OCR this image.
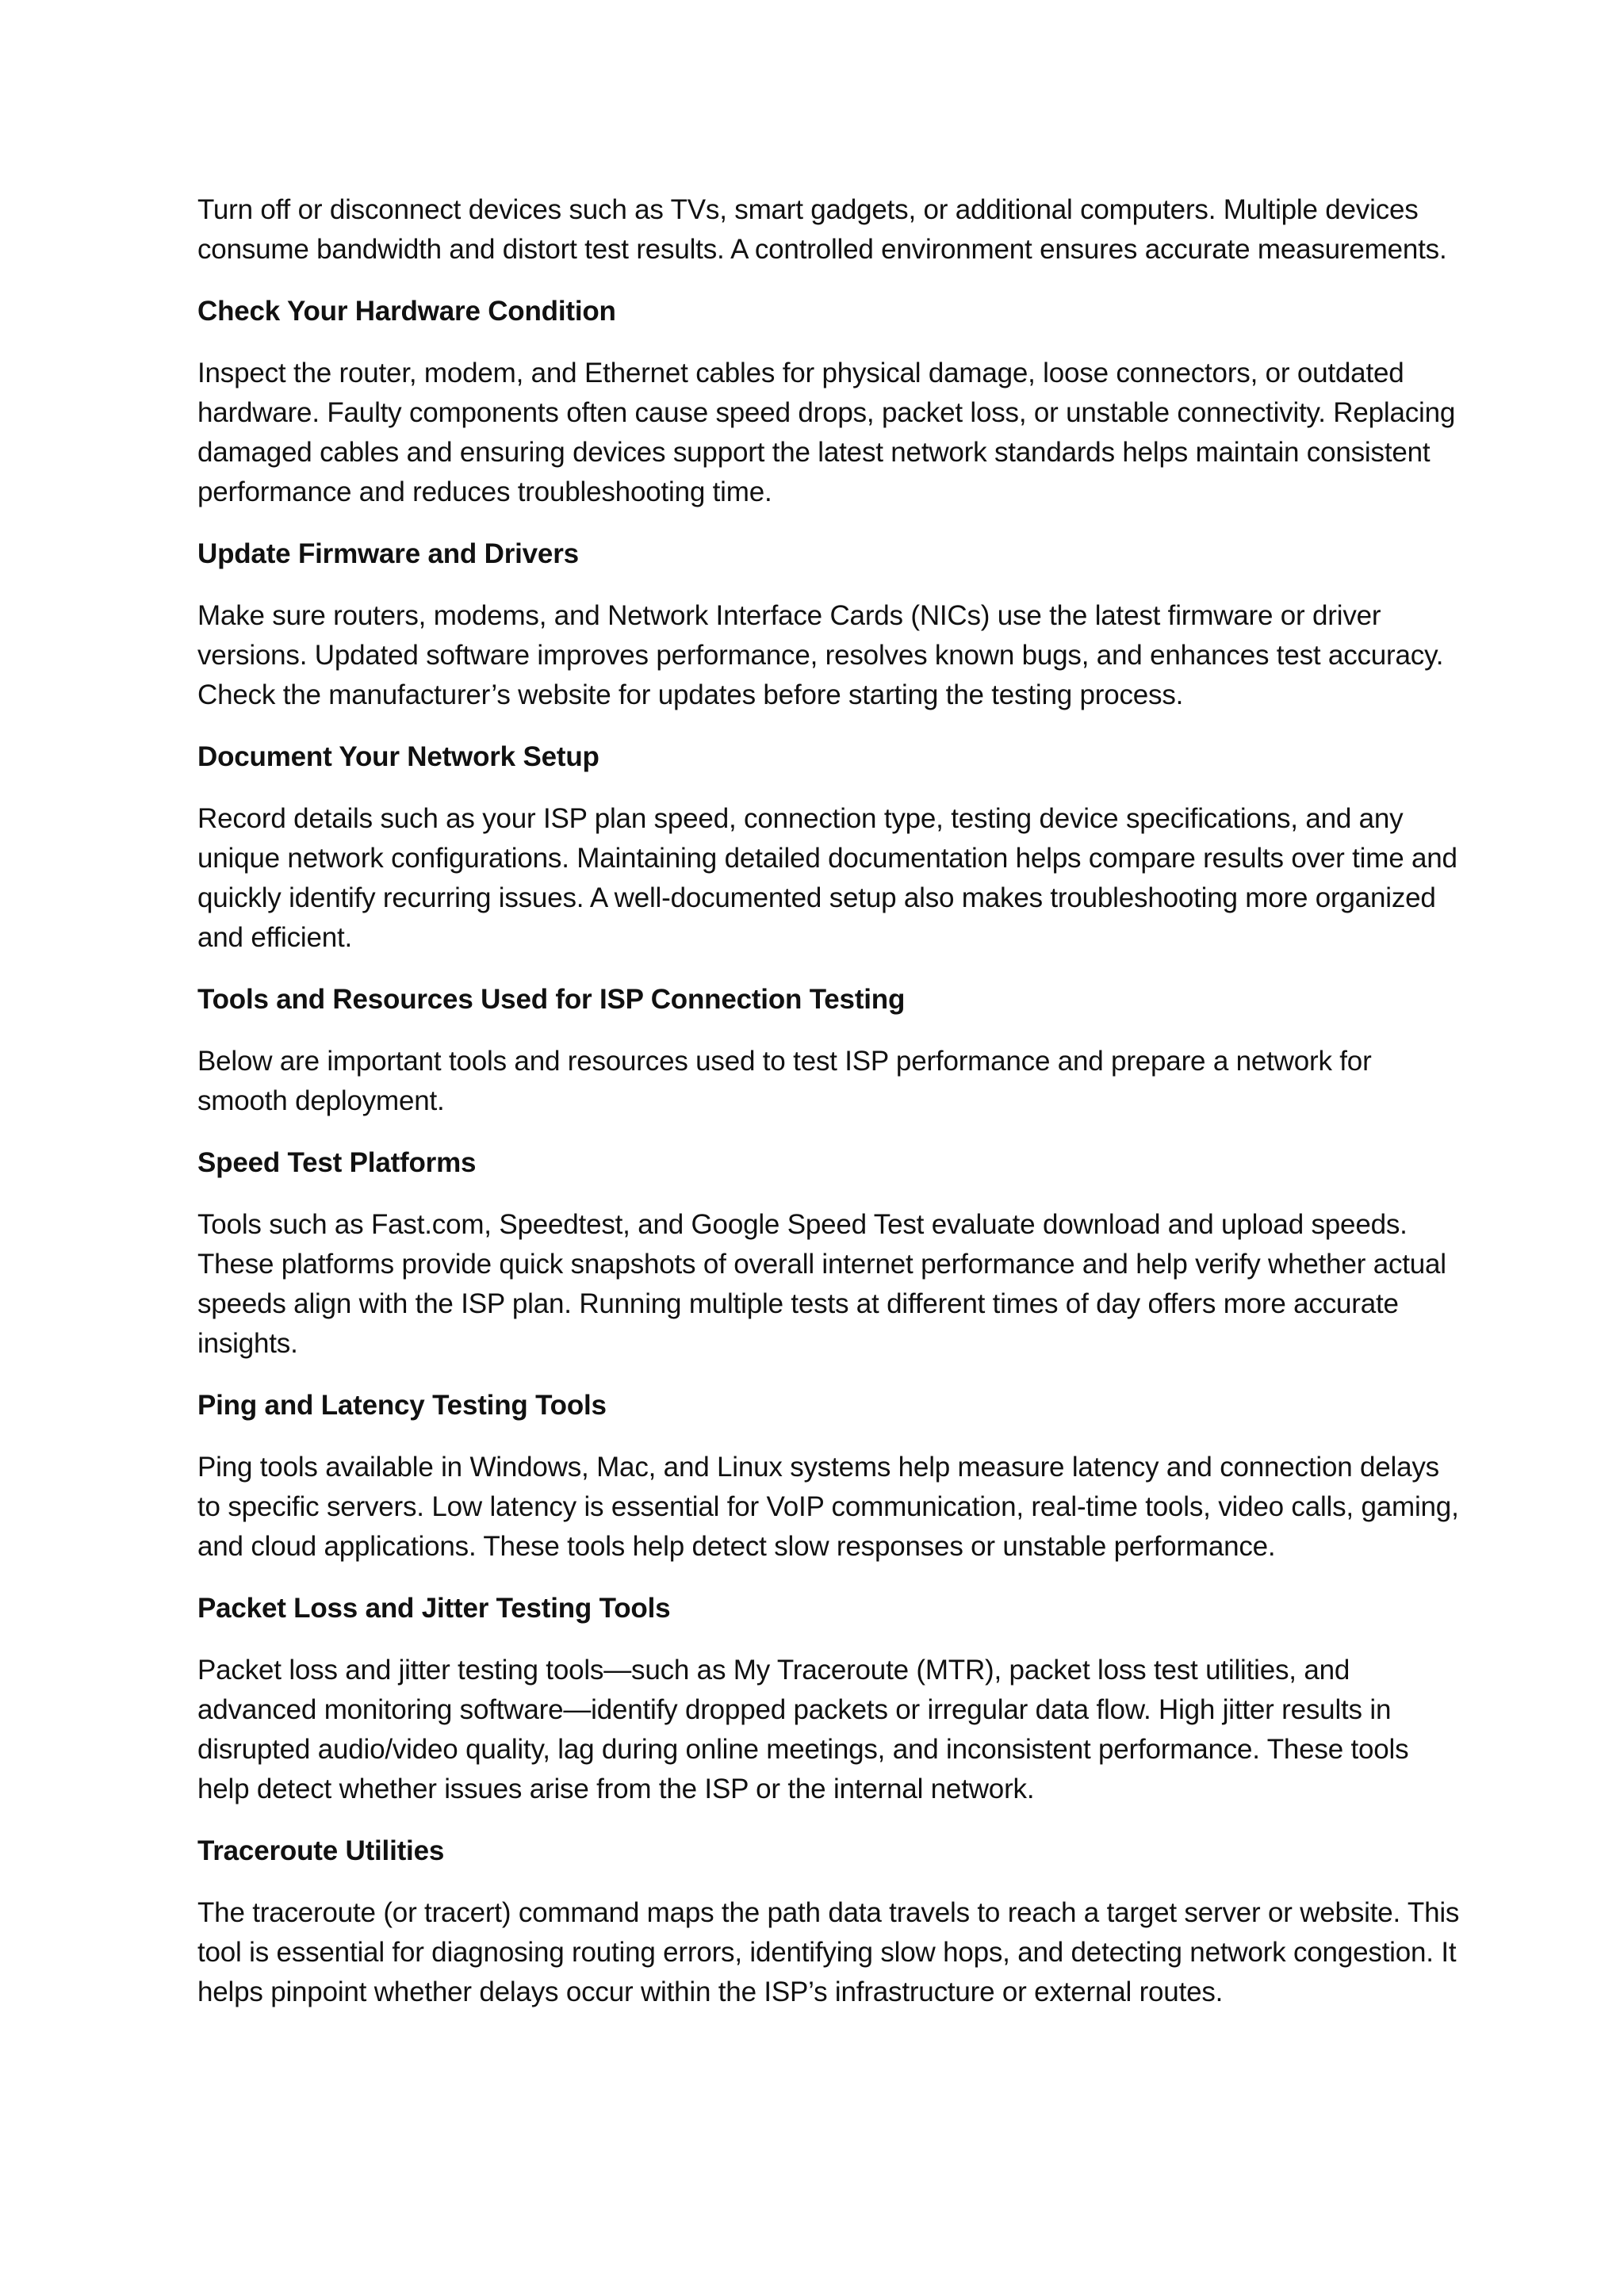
Turn off or disconnect devices such as TVs, smart gadgets, or additional computers. Multiple devices consume bandwidth and distort test results. A controlled environment ensures accurate measurements.

Check Your Hardware Condition

Inspect the router, modem, and Ethernet cables for physical damage, loose connectors, or outdated hardware. Faulty components often cause speed drops, packet loss, or unstable connectivity. Replacing damaged cables and ensuring devices support the latest network standards helps maintain consistent performance and reduces troubleshooting time.

Update Firmware and Drivers

Make sure routers, modems, and Network Interface Cards (NICs) use the latest firmware or driver versions. Updated software improves performance, resolves known bugs, and enhances test accuracy. Check the manufacturer’s website for updates before starting the testing process.

Document Your Network Setup

Record details such as your ISP plan speed, connection type, testing device specifications, and any unique network configurations. Maintaining detailed documentation helps compare results over time and quickly identify recurring issues. A well-documented setup also makes troubleshooting more organized and efficient.

Tools and Resources Used for ISP Connection Testing

Below are important tools and resources used to test ISP performance and prepare a network for smooth deployment.

Speed Test Platforms

Tools such as Fast.com, Speedtest, and Google Speed Test evaluate download and upload speeds. These platforms provide quick snapshots of overall internet performance and help verify whether actual speeds align with the ISP plan. Running multiple tests at different times of day offers more accurate insights.

Ping and Latency Testing Tools

Ping tools available in Windows, Mac, and Linux systems help measure latency and connection delays to specific servers. Low latency is essential for VoIP communication, real-time tools, video calls, gaming, and cloud applications. These tools help detect slow responses or unstable performance.

Packet Loss and Jitter Testing Tools

Packet loss and jitter testing tools—such as My Traceroute (MTR), packet loss test utilities, and advanced monitoring software—identify dropped packets or irregular data flow. High jitter results in disrupted audio/video quality, lag during online meetings, and inconsistent performance. These tools help detect whether issues arise from the ISP or the internal network.

Traceroute Utilities

The traceroute (or tracert) command maps the path data travels to reach a target server or website. This tool is essential for diagnosing routing errors, identifying slow hops, and detecting network congestion. It helps pinpoint whether delays occur within the ISP’s infrastructure or external routes.
